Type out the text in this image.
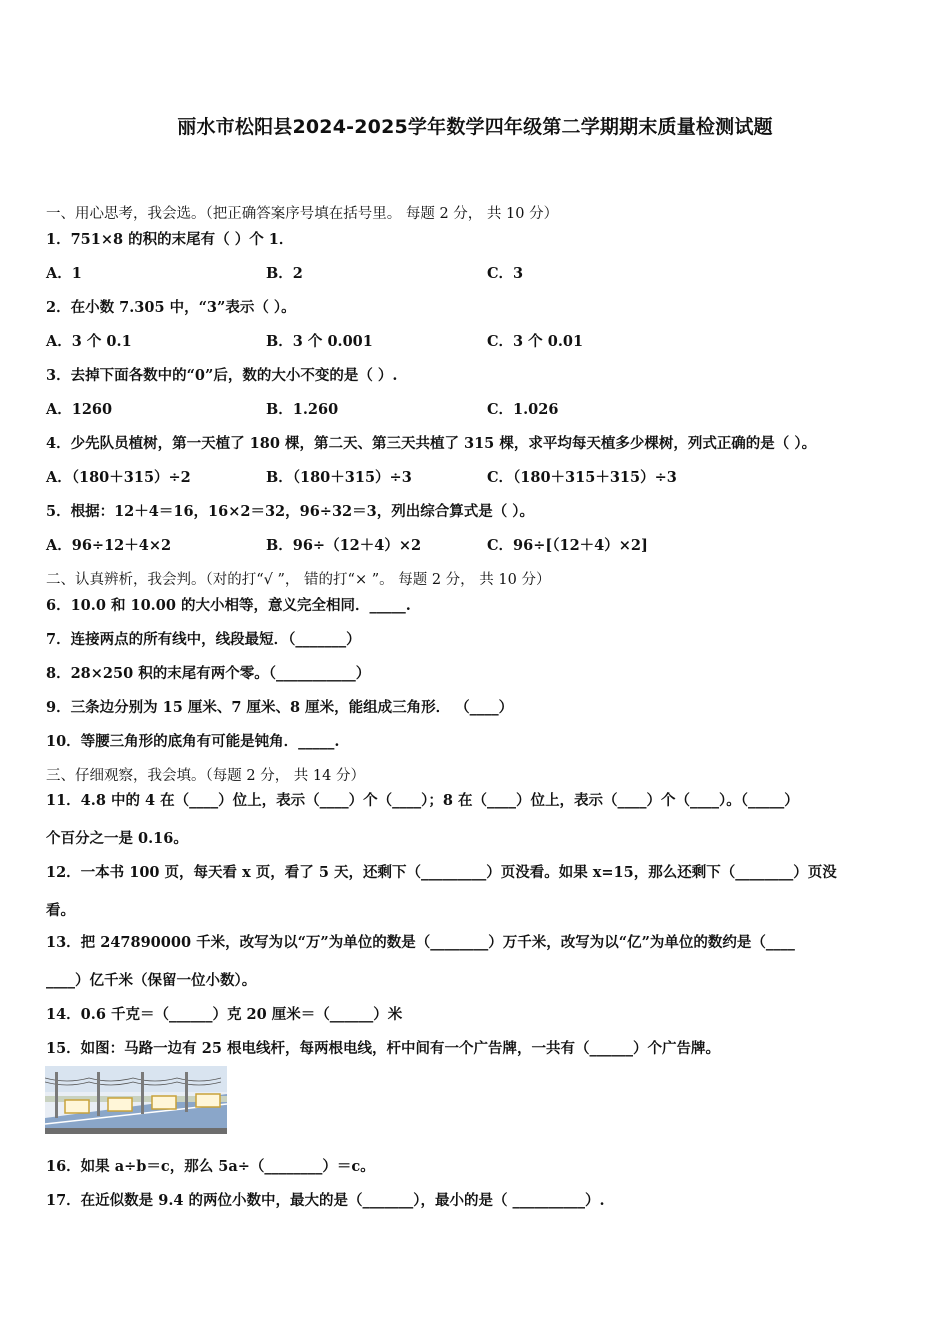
丽水市松阳县2024-2025学年数学四年级第二学期期末质量检测试题
一、用心思考，我会选。（把正确答案序号填在括号里。 每题 2 分， 共 10 分）
1．751×8 的积的末尾有（ ）个 1．
A．1	B．2	C．3
2．在小数 7.305 中，“3”表示（ ）。
A．3 个 0.1	B．3 个 0.001	C．3 个 0.01
3．去掉下面各数中的“0”后，数的大小不变的是（ ）.
A．1260	B．1.260	C．1.026
4．少先队员植树，第一天植了 180 棵，第二天、第三天共植了 315 棵，求平均每天植多少棵树，列式正确的是（ ）。
A．（180＋315）÷2	B．（180＋315）÷3	C．（180＋315＋315）÷3
5．根据：12＋4＝16，16×2＝32，96÷32＝3，列出综合算式是（ ）。
A．96÷12＋4×2	B．96÷（12＋4）×2	C．96÷[（12＋4）×2]
二、认真辨析，我会判。（对的打“√ ”， 错的打“× ”。 每题 2 分， 共 10 分）
6．10.0 和 10.00 的大小相等，意义完全相同．_____.
7．连接两点的所有线中，线段最短．（_______）
8．28×250 积的末尾有两个零。（___________）
9．三条边分别为 15 厘米、7 厘米、8 厘米，能组成三角形． （____）
10．等腰三角形的底角有可能是钝角．_____.
三、仔细观察，我会填。（每题 2 分， 共 14 分）
11．4.8 中的 4 在（____）位上，表示（____）个（____）；8 在（____）位上，表示（____）个（____）。（_____）
个百分之一是 0.16。
12．一本书 100 页，每天看 x 页，看了 5 天，还剩下（_________）页没看。如果 x=15，那么还剩下（________）页没
看。
13．把 247890000 千米，改写为以“万”为单位的数是（________）万千米，改写为以“亿”为单位的数约是（____
____）亿千米（保留一位小数）。
14．0.6 千克＝（______）克 20 厘米＝（______）米
15．如图：马路一边有 25 根电线杆，每两根电线，杆中间有一个广告牌，一共有（______）个广告牌。
16．如果 a÷b＝c，那么 5a÷（________）＝c。
17．在近似数是 9.4 的两位小数中，最大的是（_______），最小的是（ __________）.
